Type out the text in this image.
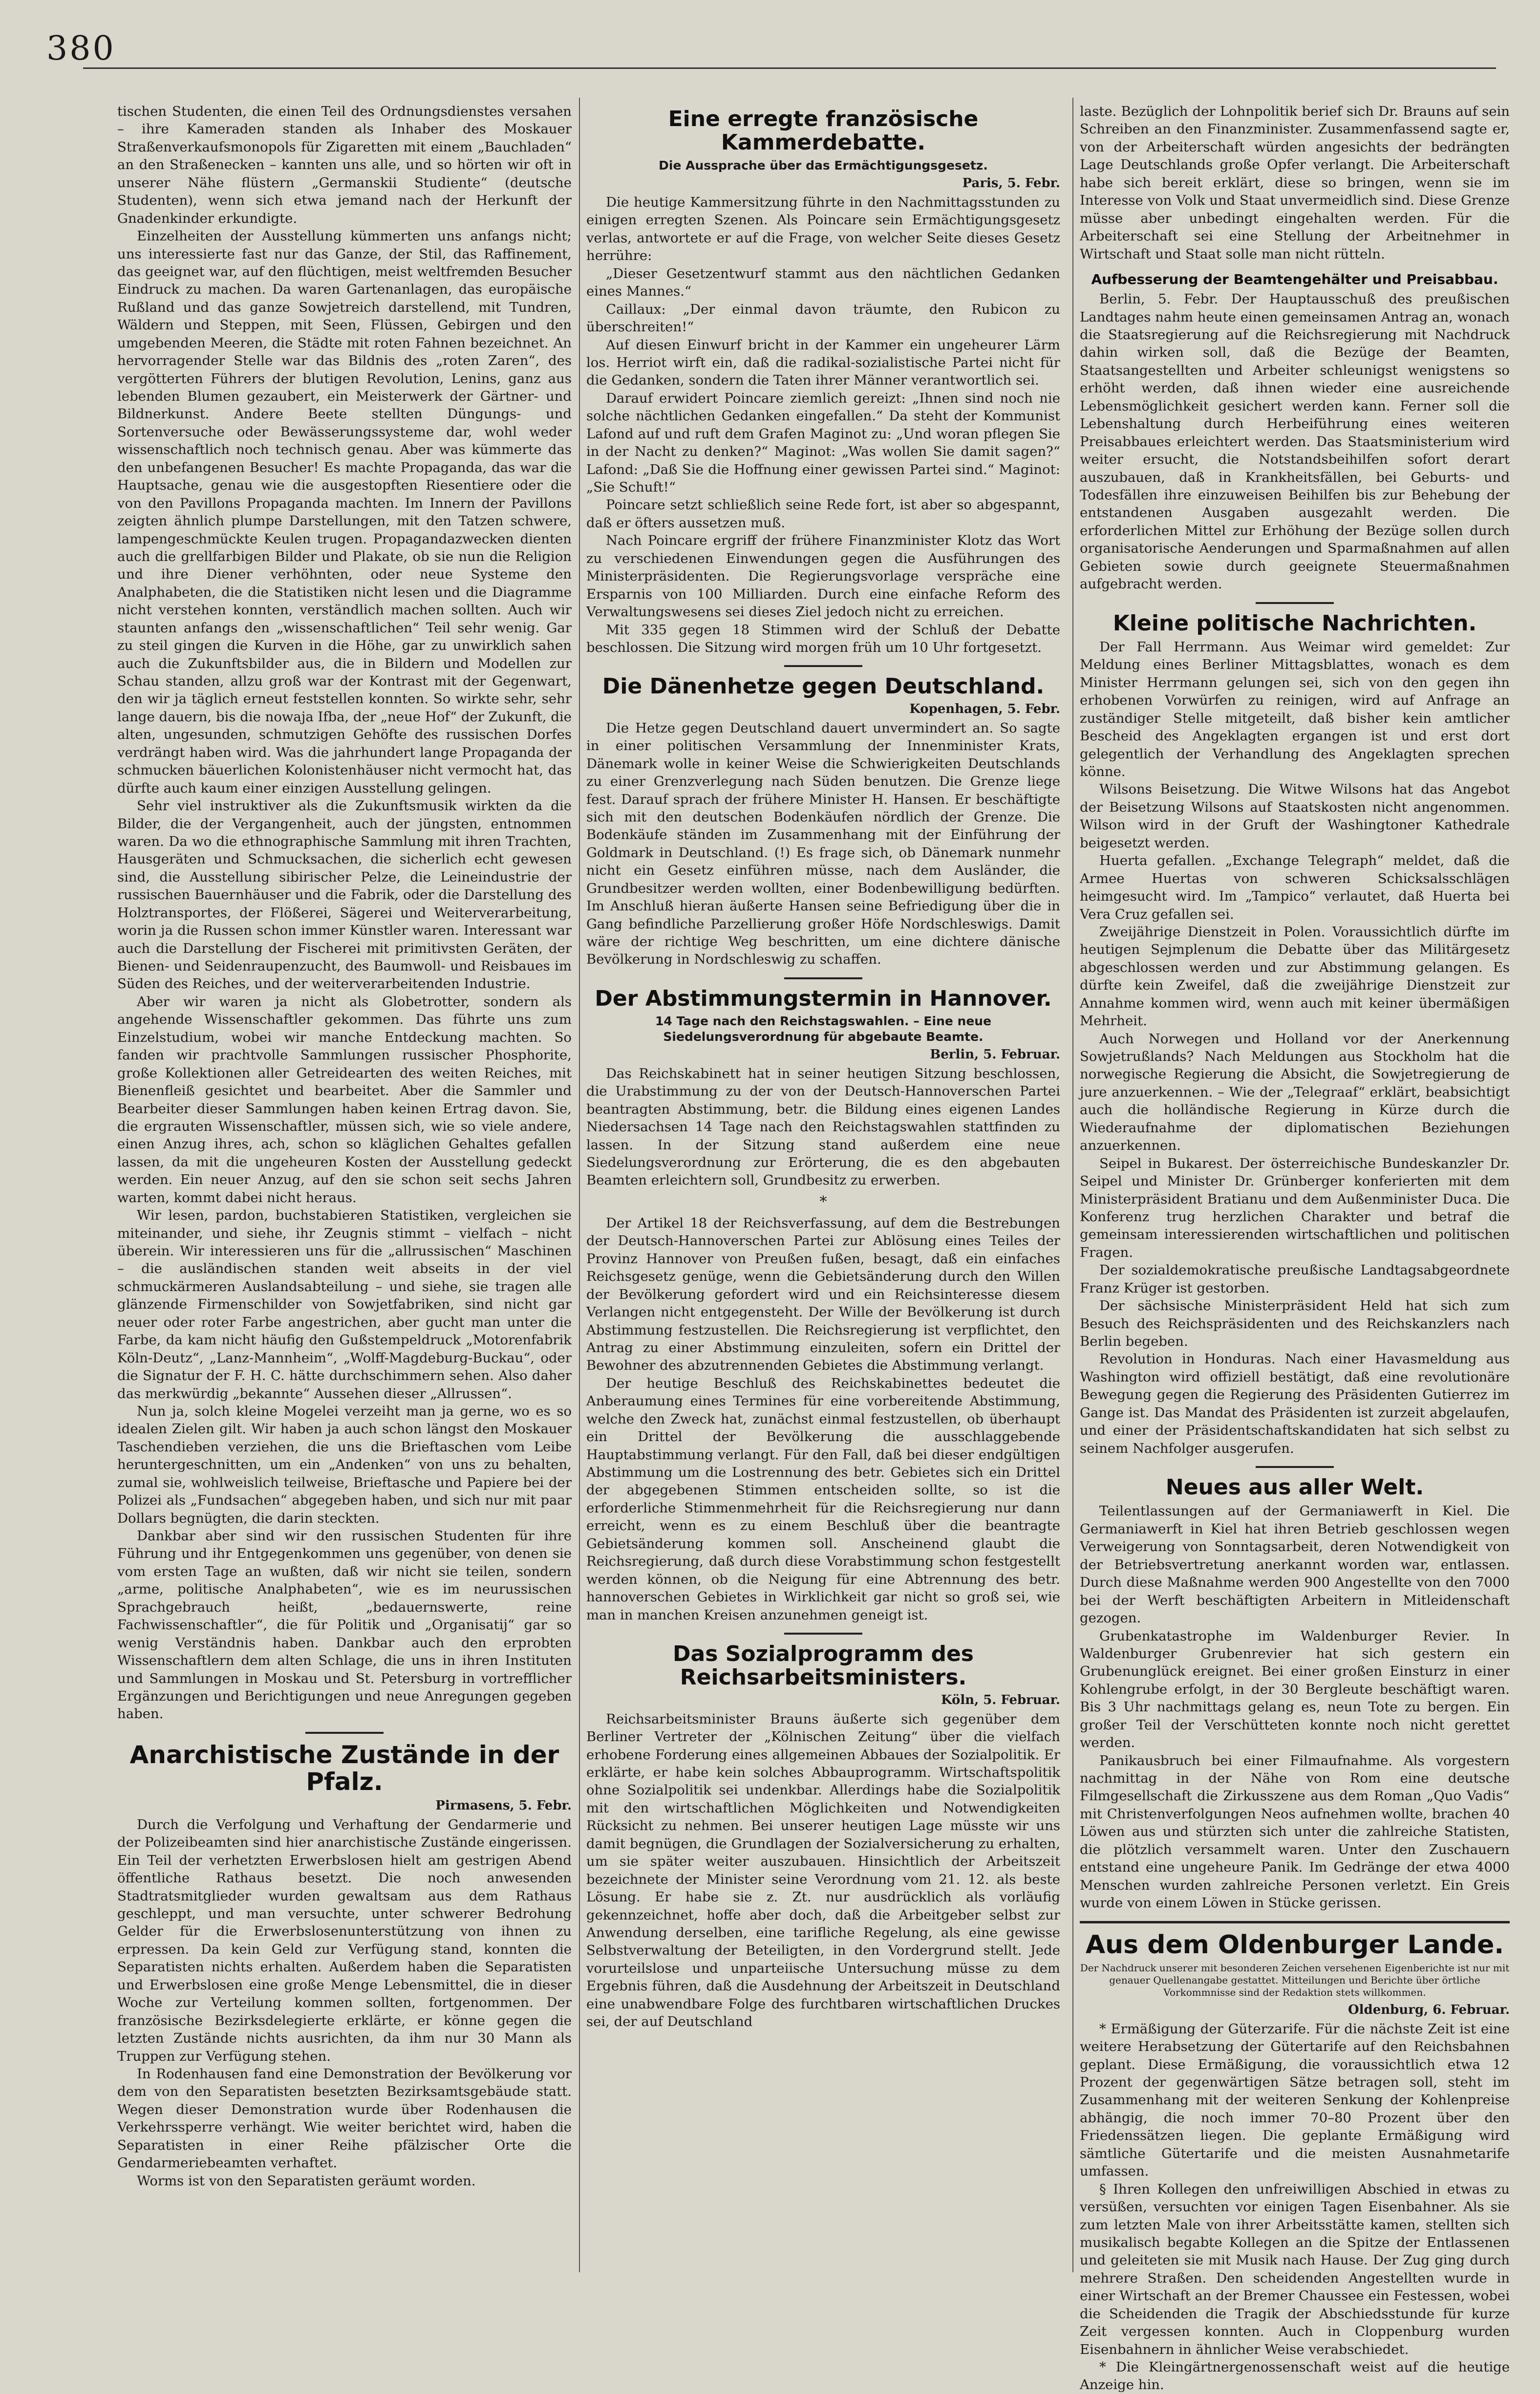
380

tischen Studenten, die einen Teil des Ordnungsdienstes versahen – ihre Kameraden standen als Inhaber des Moskauer Straßenverkaufsmonopols für Zigaretten mit einem „Bauchladen“ an den Straßenecken – kannten uns alle, und so hörten wir oft in unserer Nähe flüstern „Germanskii Studiente“ (deutsche Studenten), wenn sich etwa jemand nach der Herkunft der Gnadenkinder erkundigte.

Einzelheiten der Ausstellung kümmerten uns anfangs nicht; uns interessierte fast nur das Ganze, der Stil, das Raffinement, das geeignet war, auf den flüchtigen, meist weltfremden Besucher Eindruck zu machen. Da waren Gartenanlagen, das europäische Rußland und das ganze Sowjetreich darstellend, mit Tundren, Wäldern und Steppen, mit Seen, Flüssen, Gebirgen und den umgebenden Meeren, die Städte mit roten Fahnen bezeichnet. An hervorragender Stelle war das Bildnis des „roten Zaren“, des vergötterten Führers der blutigen Revolution, Lenins, ganz aus lebenden Blumen gezaubert, ein Meisterwerk der Gärtner- und Bildnerkunst. Andere Beete stellten Düngungs- und Sortenversuche oder Bewässerungssysteme dar, wohl weder wissenschaftlich noch technisch genau. Aber was kümmerte das den unbefangenen Besucher! Es machte Propaganda, das war die Hauptsache, genau wie die ausgestopften Riesentiere oder die von den Pavillons Propaganda machten. Im Innern der Pavillons zeigten ähnlich plumpe Darstellungen, mit den Tatzen schwere, lampengeschmückte Keulen trugen. Propagandazwecken dienten auch die grellfarbigen Bilder und Plakate, ob sie nun die Religion und ihre Diener verhöhnten, oder neue Systeme den Analphabeten, die die Statistiken nicht lesen und die Diagramme nicht verstehen konnten, verständlich machen sollten. Auch wir staunten anfangs den „wissenschaftlichen“ Teil sehr wenig. Gar zu steil gingen die Kurven in die Höhe, gar zu unwirklich sahen auch die Zukunftsbilder aus, die in Bildern und Modellen zur Schau standen, allzu groß war der Kontrast mit der Gegenwart, den wir ja täglich erneut feststellen konnten. So wirkte sehr, sehr lange dauern, bis die nowaja Ifba, der „neue Hof“ der Zukunft, die alten, ungesunden, schmutzigen Gehöfte des russischen Dorfes verdrängt haben wird. Was die jahrhundert lange Propaganda der schmucken bäuerlichen Kolonistenhäuser nicht vermocht hat, das dürfte auch kaum einer einzigen Ausstellung gelingen.

Sehr viel instruktiver als die Zukunftsmusik wirkten da die Bilder, die der Vergangenheit, auch der jüngsten, entnommen waren. Da wo die ethnographische Sammlung mit ihren Trachten, Hausgeräten und Schmucksachen, die sicherlich echt gewesen sind, die Ausstellung sibirischer Pelze, die Leineindustrie der russischen Bauernhäuser und die Fabrik, oder die Darstellung des Holztransportes, der Flößerei, Sägerei und Weiterverarbeitung, worin ja die Russen schon immer Künstler waren. Interessant war auch die Darstellung der Fischerei mit primitivsten Geräten, der Bienen- und Seidenraupenzucht, des Baumwoll- und Reisbaues im Süden des Reiches, und der weiterverarbeitenden Industrie.

Aber wir waren ja nicht als Globetrotter, sondern als angehende Wissenschaftler gekommen. Das führte uns zum Einzelstudium, wobei wir manche Entdeckung machten. So fanden wir prachtvolle Sammlungen russischer Phosphorite, große Kollektionen aller Getreidearten des weiten Reiches, mit Bienenfleiß gesichtet und bearbeitet. Aber die Sammler und Bearbeiter dieser Sammlungen haben keinen Ertrag davon. Sie, die ergrauten Wissenschaftler, müssen sich, wie so viele andere, einen Anzug ihres, ach, schon so kläglichen Gehaltes gefallen lassen, da mit die ungeheuren Kosten der Ausstellung gedeckt werden. Ein neuer Anzug, auf den sie schon seit sechs Jahren warten, kommt dabei nicht heraus.

Wir lesen, pardon, buchstabieren Statistiken, vergleichen sie miteinander, und siehe, ihr Zeugnis stimmt – vielfach – nicht überein. Wir interessieren uns für die „allrussischen“ Maschinen – die ausländischen standen weit abseits in der viel schmuckärmeren Auslandsabteilung – und siehe, sie tragen alle glänzende Firmenschilder von Sowjetfabriken, sind nicht gar neuer oder roter Farbe angestrichen, aber gucht man unter die Farbe, da kam nicht häufig den Gußstempeldruck „Motorenfabrik Köln-Deutz“, „Lanz-Mannheim“, „Wolff-Magdeburg-Buckau“, oder die Signatur der F. H. C. hätte durchschimmern sehen. Also daher das merkwürdig „bekannte“ Aussehen dieser „Allrussen“.

Nun ja, solch kleine Mogelei verzeiht man ja gerne, wo es so idealen Zielen gilt. Wir haben ja auch schon längst den Moskauer Taschendieben verziehen, die uns die Brieftaschen vom Leibe heruntergeschnitten, um ein „Andenken“ von uns zu behalten, zumal sie, wohlweislich teilweise, Brieftasche und Papiere bei der Polizei als „Fundsachen“ abgegeben haben, und sich nur mit paar Dollars begnügten, die darin steckten.

Dankbar aber sind wir den russischen Studenten für ihre Führung und ihr Entgegenkommen uns gegenüber, von denen sie vom ersten Tage an wußten, daß wir nicht sie teilen, sondern „arme, politische Analphabeten“, wie es im neurussischen Sprachgebrauch heißt, „bedauernswerte, reine Fachwissenschaftler“, die für Politik und „Organisatij“ gar so wenig Verständnis haben. Dankbar auch den erprobten Wissenschaftlern dem alten Schlage, die uns in ihren Instituten und Sammlungen in Moskau und St. Petersburg in vortrefflicher Ergänzungen und Berichtigungen und neue Anregungen gegeben haben.

Anarchistische Zustände in der Pfalz.
Pirmasens, 5. Febr.

Durch die Verfolgung und Verhaftung der Gendarmerie und der Polizeibeamten sind hier anarchistische Zustände eingerissen. Ein Teil der verhetzten Erwerbslosen hielt am gestrigen Abend öffentliche Rathaus besetzt. Die noch anwesenden Stadtratsmitglieder wurden gewaltsam aus dem Rathaus geschleppt, und man versuchte, unter schwerer Bedrohung Gelder für die Erwerbslosenunterstützung von ihnen zu erpressen. Da kein Geld zur Verfügung stand, konnten die Separatisten nichts erhalten. Außerdem haben die Separatisten und Erwerbslosen eine große Menge Lebensmittel, die in dieser Woche zur Verteilung kommen sollten, fortgenommen. Der französische Bezirksdelegierte erklärte, er könne gegen die letzten Zustände nichts ausrichten, da ihm nur 30 Mann als Truppen zur Verfügung stehen.

In Rodenhausen fand eine Demonstration der Bevölkerung vor dem von den Separatisten besetzten Bezirksamtsgebäude statt. Wegen dieser Demonstration wurde über Rodenhausen die Verkehrssperre verhängt. Wie weiter berichtet wird, haben die Separatisten in einer Reihe pfälzischer Orte die Gendarmeriebeamten verhaftet.

Worms ist von den Separatisten geräumt worden.

Eine erregte französische Kammerdebatte.
Die Aussprache über das Ermächtigungsgesetz.
Paris, 5. Febr.

Die heutige Kammersitzung führte in den Nachmittagsstunden zu einigen erregten Szenen. Als Poincare sein Ermächtigungsgesetz verlas, antwortete er auf die Frage, von welcher Seite dieses Gesetz herrühre:

„Dieser Gesetzentwurf stammt aus den nächtlichen Gedanken eines Mannes.“

Caillaux: „Der einmal davon träumte, den Rubicon zu überschreiten!“

Auf diesen Einwurf bricht in der Kammer ein ungeheurer Lärm los. Herriot wirft ein, daß die radikal-sozialistische Partei nicht für die Gedanken, sondern die Taten ihrer Männer verantwortlich sei.

Darauf erwidert Poincare ziemlich gereizt: „Ihnen sind noch nie solche nächtlichen Gedanken eingefallen.“ Da steht der Kommunist Lafond auf und ruft dem Grafen Maginot zu: „Und woran pflegen Sie in der Nacht zu denken?“ Maginot: „Was wollen Sie damit sagen?“ Lafond: „Daß Sie die Hoffnung einer gewissen Partei sind.“ Maginot: „Sie Schuft!“

Poincare setzt schließlich seine Rede fort, ist aber so abgespannt, daß er öfters aussetzen muß.

Nach Poincare ergriff der frühere Finanzminister Klotz das Wort zu verschiedenen Einwendungen gegen die Ausführungen des Ministerpräsidenten. Die Regierungsvorlage verspräche eine Ersparnis von 100 Milliarden. Durch eine einfache Reform des Verwaltungswesens sei dieses Ziel jedoch nicht zu erreichen.

Mit 335 gegen 18 Stimmen wird der Schluß der Debatte beschlossen. Die Sitzung wird morgen früh um 10 Uhr fortgesetzt.

Die Dänenhetze gegen Deutschland.
Kopenhagen, 5. Febr.

Die Hetze gegen Deutschland dauert unvermindert an. So sagte in einer politischen Versammlung der Innenminister Krats, Dänemark wolle in keiner Weise die Schwierigkeiten Deutschlands zu einer Grenzverlegung nach Süden benutzen. Die Grenze liege fest. Darauf sprach der frühere Minister H. Hansen. Er beschäftigte sich mit den deutschen Bodenkäufen nördlich der Grenze. Die Bodenkäufe ständen im Zusammenhang mit der Einführung der Goldmark in Deutschland. (!) Es frage sich, ob Dänemark nunmehr nicht ein Gesetz einführen müsse, nach dem Ausländer, die Grundbesitzer werden wollten, einer Bodenbewilligung bedürften. Im Anschluß hieran äußerte Hansen seine Befriedigung über die in Gang befindliche Parzellierung großer Höfe Nordschleswigs. Damit wäre der richtige Weg beschritten, um eine dichtere dänische Bevölkerung in Nordschleswig zu schaffen.

Der Abstimmungstermin in Hannover.
14 Tage nach den Reichstagswahlen. – Eine neue Siedelungsverordnung für abgebaute Beamte.
Berlin, 5. Februar.

Das Reichskabinett hat in seiner heutigen Sitzung beschlossen, die Urabstimmung zu der von der Deutsch-Hannoverschen Partei beantragten Abstimmung, betr. die Bildung eines eigenen Landes Niedersachsen 14 Tage nach den Reichstagswahlen stattfinden zu lassen. In der Sitzung stand außerdem eine neue Siedelungsverordnung zur Erörterung, die es den abgebauten Beamten erleichtern soll, Grundbesitz zu erwerben.

*

Der Artikel 18 der Reichsverfassung, auf dem die Bestrebungen der Deutsch-Hannoverschen Partei zur Ablösung eines Teiles der Provinz Hannover von Preußen fußen, besagt, daß ein einfaches Reichsgesetz genüge, wenn die Gebietsänderung durch den Willen der Bevölkerung gefordert wird und ein Reichsinteresse diesem Verlangen nicht entgegensteht. Der Wille der Bevölkerung ist durch Abstimmung festzustellen. Die Reichsregierung ist verpflichtet, den Antrag zu einer Abstimmung einzuleiten, sofern ein Drittel der Bewohner des abzutrennenden Gebietes die Abstimmung verlangt.

Der heutige Beschluß des Reichskabinettes bedeutet die Anberaumung eines Termines für eine vorbereitende Abstimmung, welche den Zweck hat, zunächst einmal festzustellen, ob überhaupt ein Drittel der Bevölkerung die ausschlaggebende Hauptabstimmung verlangt. Für den Fall, daß bei dieser endgültigen Abstimmung um die Lostrennung des betr. Gebietes sich ein Drittel der abgegebenen Stimmen entscheiden sollte, so ist die erforderliche Stimmenmehrheit für die Reichsregierung nur dann erreicht, wenn es zu einem Beschluß über die beantragte Gebietsänderung kommen soll. Anscheinend glaubt die Reichsregierung, daß durch diese Vorabstimmung schon festgestellt werden können, ob die Neigung für eine Abtrennung des betr. hannoverschen Gebietes in Wirklichkeit gar nicht so groß sei, wie man in manchen Kreisen anzunehmen geneigt ist.

Das Sozialprogramm des Reichsarbeitsministers.
Köln, 5. Februar.

Reichsarbeitsminister Brauns äußerte sich gegenüber dem Berliner Vertreter der „Kölnischen Zeitung“ über die vielfach erhobene Forderung eines allgemeinen Abbaues der Sozialpolitik. Er erklärte, er habe kein solches Abbauprogramm. Wirtschaftspolitik ohne Sozialpolitik sei undenkbar. Allerdings habe die Sozialpolitik mit den wirtschaftlichen Möglichkeiten und Notwendigkeiten Rücksicht zu nehmen. Bei unserer heutigen Lage müsste wir uns damit begnügen, die Grundlagen der Sozialversicherung zu erhalten, um sie später weiter auszubauen. Hinsichtlich der Arbeitszeit bezeichnete der Minister seine Verordnung vom 21. 12. als beste Lösung. Er habe sie z. Zt. nur ausdrücklich als vorläufig gekennzeichnet, hoffe aber doch, daß die Arbeitgeber selbst zur Anwendung derselben, eine tarifliche Regelung, als eine gewisse Selbstverwaltung der Beteiligten, in den Vordergrund stellt. Jede vorurteilslose und unparteiische Untersuchung müsse zu dem Ergebnis führen, daß die Ausdehnung der Arbeitszeit in Deutschland eine unabwendbare Folge des furchtbaren wirtschaftlichen Druckes sei, der auf Deutschland

laste. Bezüglich der Lohnpolitik berief sich Dr. Brauns auf sein Schreiben an den Finanzminister. Zusammenfassend sagte er, von der Arbeiterschaft würden angesichts der bedrängten Lage Deutschlands große Opfer verlangt. Die Arbeiterschaft habe sich bereit erklärt, diese so bringen, wenn sie im Interesse von Volk und Staat unvermeidlich sind. Diese Grenze müsse aber unbedingt eingehalten werden. Für die Arbeiterschaft sei eine Stellung der Arbeitnehmer in Wirtschaft und Staat solle man nicht rütteln.

Aufbesserung der Beamtengehälter und Preisabbau.

Berlin, 5. Febr. Der Hauptausschuß des preußischen Landtages nahm heute einen gemeinsamen Antrag an, wonach die Staatsregierung auf die Reichsregierung mit Nachdruck dahin wirken soll, daß die Bezüge der Beamten, Staatsangestellten und Arbeiter schleunigst wenigstens so erhöht werden, daß ihnen wieder eine ausreichende Lebensmöglichkeit gesichert werden kann. Ferner soll die Lebenshaltung durch Herbeiführung eines weiteren Preisabbaues erleichtert werden. Das Staatsministerium wird weiter ersucht, die Notstandsbeihilfen sofort derart auszubauen, daß in Krankheitsfällen, bei Geburts- und Todesfällen ihre einzuweisen Beihilfen bis zur Behebung der entstandenen Ausgaben ausgezahlt werden. Die erforderlichen Mittel zur Erhöhung der Bezüge sollen durch organisatorische Aenderungen und Sparmaßnahmen auf allen Gebieten sowie durch geeignete Steuermaßnahmen aufgebracht werden.

Kleine politische Nachrichten.

Der Fall Herrmann. Aus Weimar wird gemeldet: Zur Meldung eines Berliner Mittagsblattes, wonach es dem Minister Herrmann gelungen sei, sich von den gegen ihn erhobenen Vorwürfen zu reinigen, wird auf Anfrage an zuständiger Stelle mitgeteilt, daß bisher kein amtlicher Bescheid des Angeklagten ergangen ist und erst dort gelegentlich der Verhandlung des Angeklagten sprechen könne.

Wilsons Beisetzung. Die Witwe Wilsons hat das Angebot der Beisetzung Wilsons auf Staatskosten nicht angenommen. Wilson wird in der Gruft der Washingtoner Kathedrale beigesetzt werden.

Huerta gefallen. „Exchange Telegraph“ meldet, daß die Armee Huertas von schweren Schicksalsschlägen heimgesucht wird. Im „Tampico“ verlautet, daß Huerta bei Vera Cruz gefallen sei.

Zweijährige Dienstzeit in Polen. Voraussichtlich dürfte im heutigen Sejmplenum die Debatte über das Militärgesetz abgeschlossen werden und zur Abstimmung gelangen. Es dürfte kein Zweifel, daß die zweijährige Dienstzeit zur Annahme kommen wird, wenn auch mit keiner übermäßigen Mehrheit.

Auch Norwegen und Holland vor der Anerkennung Sowjetrußlands? Nach Meldungen aus Stockholm hat die norwegische Regierung die Absicht, die Sowjetregierung de jure anzuerkennen. – Wie der „Telegraaf“ erklärt, beabsichtigt auch die holländische Regierung in Kürze durch die Wiederaufnahme der diplomatischen Beziehungen anzuerkennen.

Seipel in Bukarest. Der österreichische Bundeskanzler Dr. Seipel und Minister Dr. Grünberger konferierten mit dem Ministerpräsident Bratianu und dem Außenminister Duca. Die Konferenz trug herzlichen Charakter und betraf die gemeinsam interessierenden wirtschaftlichen und politischen Fragen.

Der sozialdemokratische preußische Landtagsabgeordnete Franz Krüger ist gestorben.

Der sächsische Ministerpräsident Held hat sich zum Besuch des Reichspräsidenten und des Reichskanzlers nach Berlin begeben.

Revolution in Honduras. Nach einer Havasmeldung aus Washington wird offiziell bestätigt, daß eine revolutionäre Bewegung gegen die Regierung des Präsidenten Gutierrez im Gange ist. Das Mandat des Präsidenten ist zurzeit abgelaufen, und einer der Präsidentschaftskandidaten hat sich selbst zu seinem Nachfolger ausgerufen.

Neues aus aller Welt.

Teilentlassungen auf der Germaniawerft in Kiel. Die Germaniawerft in Kiel hat ihren Betrieb geschlossen wegen Verweigerung von Sonntagsarbeit, deren Notwendigkeit von der Betriebsvertretung anerkannt worden war, entlassen. Durch diese Maßnahme werden 900 Angestellte von den 7000 bei der Werft beschäftigten Arbeitern in Mitleidenschaft gezogen.

Grubenkatastrophe im Waldenburger Revier. In Waldenburger Grubenrevier hat sich gestern ein Grubenunglück ereignet. Bei einer großen Einsturz in einer Kohlengrube erfolgt, in der 30 Bergleute beschäftigt waren. Bis 3 Uhr nachmittags gelang es, neun Tote zu bergen. Ein großer Teil der Verschütteten konnte noch nicht gerettet werden.

Panikausbruch bei einer Filmaufnahme. Als vorgestern nachmittag in der Nähe von Rom eine deutsche Filmgesellschaft die Zirkusszene aus dem Roman „Quo Vadis“ mit Christenverfolgungen Neos aufnehmen wollte, brachen 40 Löwen aus und stürzten sich unter die zahlreiche Statisten, die plötzlich versammelt waren. Unter den Zuschauern entstand eine ungeheure Panik. Im Gedränge der etwa 4000 Menschen wurden zahlreiche Personen verletzt. Ein Greis wurde von einem Löwen in Stücke gerissen.

Aus dem Oldenburger Lande.
Der Nachdruck unserer mit besonderen Zeichen versehenen Eigenberichte ist nur mit genauer Quellenangabe gestattet. Mitteilungen und Berichte über örtliche Vorkommnisse sind der Redaktion stets willkommen.
Oldenburg, 6. Februar.

* Ermäßigung der Güterzarife. Für die nächste Zeit ist eine weitere Herabsetzung der Gütertarife auf den Reichsbahnen geplant. Diese Ermäßigung, die voraussichtlich etwa 12 Prozent der gegenwärtigen Sätze betragen soll, steht im Zusammenhang mit der weiteren Senkung der Kohlenpreise abhängig, die noch immer 70–80 Prozent über den Friedenssätzen liegen. Die geplante Ermäßigung wird sämtliche Gütertarife und die meisten Ausnahmetarife umfassen.

§ Ihren Kollegen den unfreiwilligen Abschied in etwas zu versüßen, versuchten vor einigen Tagen Eisenbahner. Als sie zum letzten Male von ihrer Arbeitsstätte kamen, stellten sich musikalisch begabte Kollegen an die Spitze der Entlassenen und geleiteten sie mit Musik nach Hause. Der Zug ging durch mehrere Straßen. Den scheidenden Angestellten wurde in einer Wirtschaft an der Bremer Chaussee ein Festessen, wobei die Scheidenden die Tragik der Abschiedsstunde für kurze Zeit vergessen konnten. Auch in Cloppenburg wurden Eisenbahnern in ähnlicher Weise verabschiedet.

* Die Kleingärtnergenossenschaft weist auf die heutige Anzeige hin.
